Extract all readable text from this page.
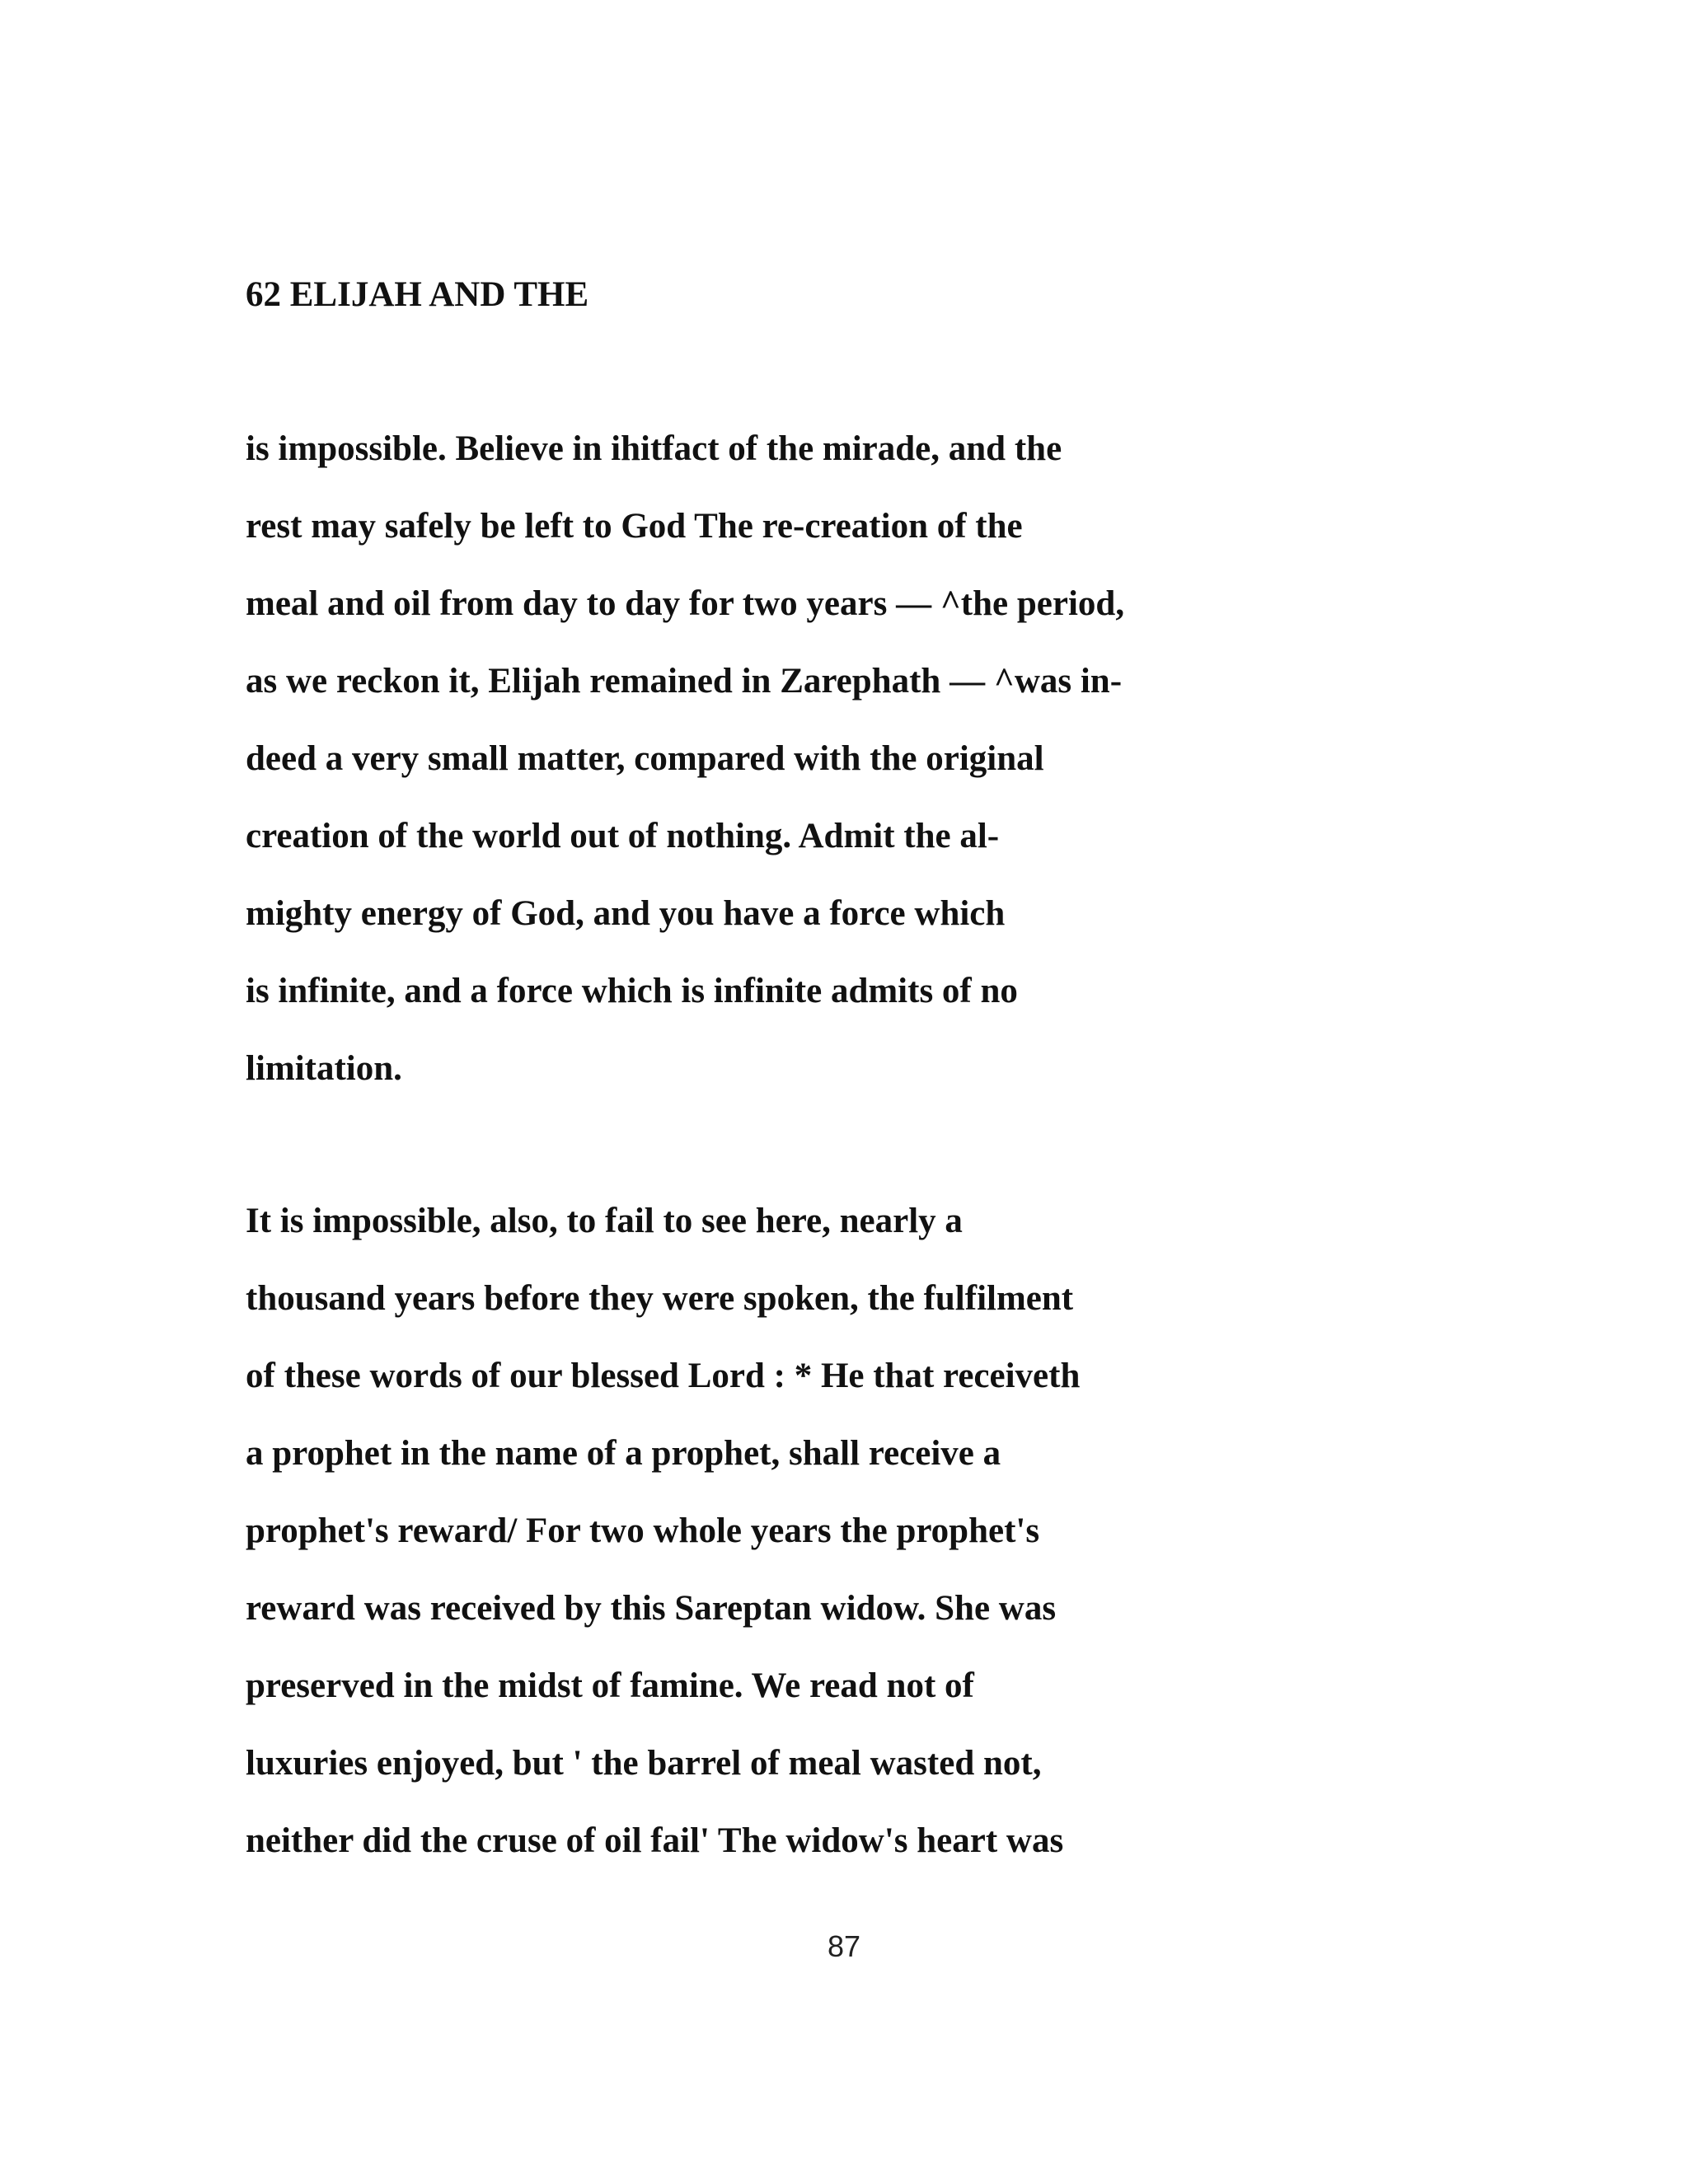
62 ELIJAH AND THE
is impossible. Believe in ihitfact of the mirade, and the
rest may safely be left to God The re-creation of the
meal and oil from day to day for two years — ^the period,
as we reckon it, Elijah remained in Zarephath — ^was in-
deed a very small matter, compared with the original
creation of the world out of nothing. Admit the al-
mighty energy of God, and you have a force which
is infinite, and a force which is infinite admits of no
limitation.
It is impossible, also, to fail to see here, nearly a
thousand years before they were spoken, the fulfilment
of these words of our blessed Lord : * He that receiveth
a prophet in the name of a prophet, shall receive a
prophet's reward/ For two whole years the prophet's
reward was received by this Sareptan widow. She was
preserved in the midst of famine. We read not of
luxuries enjoyed, but ' the barrel of meal wasted not,
neither did the cruse of oil fail' The widow's heart was
87
